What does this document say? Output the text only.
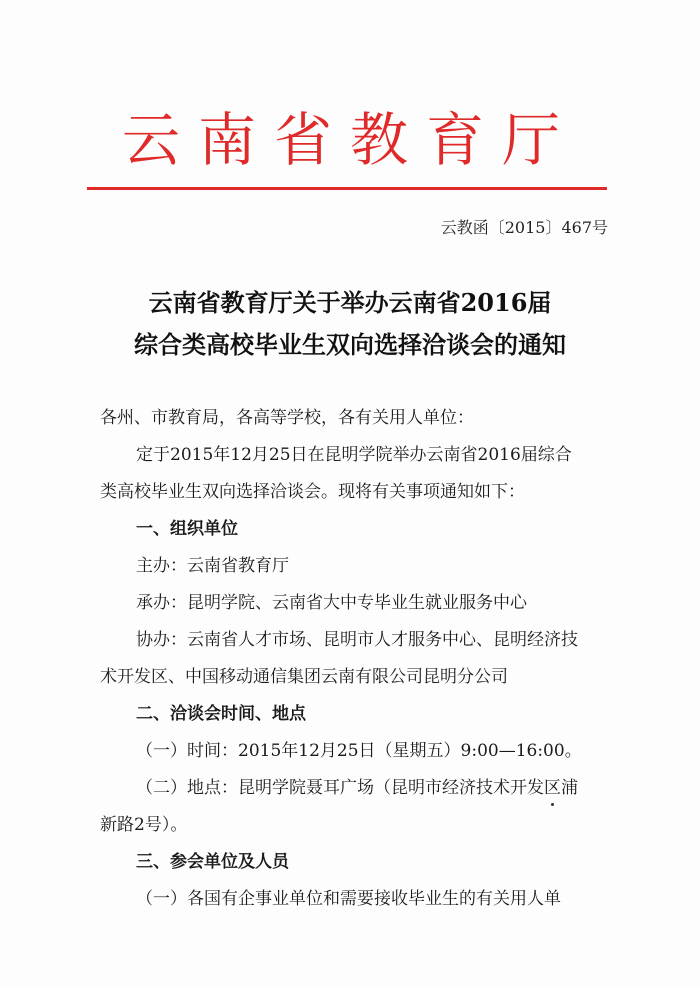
云南省教育厅
云教函〔2015〕467号
云南省教育厅关于举办云南省2016届
综合类高校毕业生双向选择洽谈会的通知
各州、市教育局，各高等学校，各有关用人单位：
定于2015年12月25日在昆明学院举办云南省2016届综合
类高校毕业生双向选择洽谈会。现将有关事项通知如下：
一、组织单位
主办：云南省教育厅
承办：昆明学院、云南省大中专毕业生就业服务中心
协办：云南省人才市场、昆明市人才服务中心、昆明经济技
术开发区、中国移动通信集团云南有限公司昆明分公司
二、洽谈会时间、地点
（一）时间：2015年12月25日（星期五）9:00—16:00。
（二）地点：昆明学院聂耳广场（昆明市经济技术开发区浦
新路2号）。
三、参会单位及人员
（一）各国有企事业单位和需要接收毕业生的有关用人单
